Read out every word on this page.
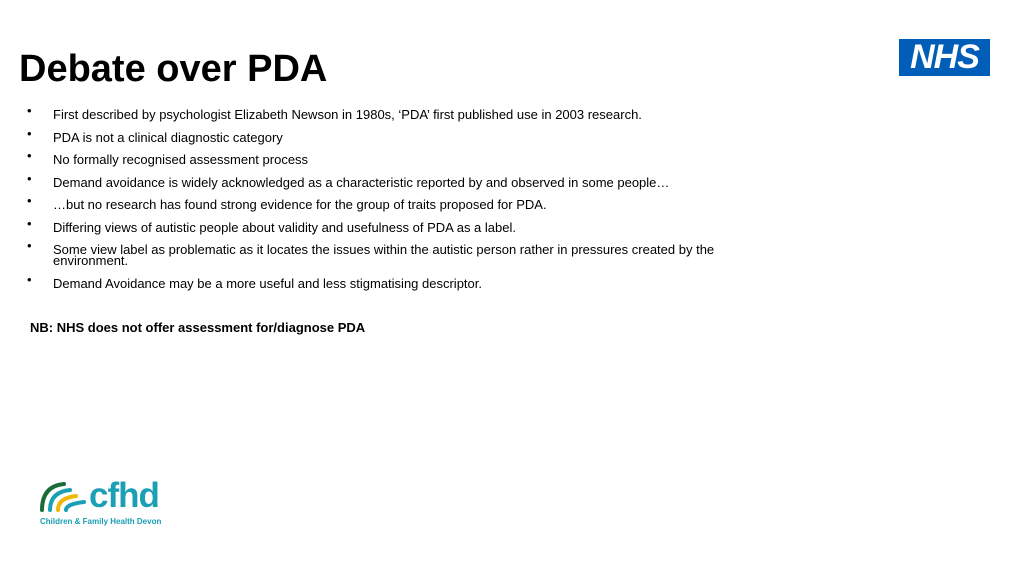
Debate over PDA	NHS
• First described by psychologist Elizabeth Newson in 1980s, ‘PDA’ first published use in 2003 research.
• PDA is not a clinical diagnostic category
• No formally recognised assessment process
• Demand avoidance is widely acknowledged as a characteristic reported by and observed in some people…
• …but no research has found strong evidence for the group of traits proposed for PDA.
• Differing views of autistic people about validity and usefulness of PDA as a label.
• Some view label as problematic as it locates the issues within the autistic person rather in pressures created by the environment.
• Demand Avoidance may be a more useful and less stigmatising descriptor.

NB: NHS does not offer assessment for/diagnose PDA

cfhd
Children & Family Health Devon
